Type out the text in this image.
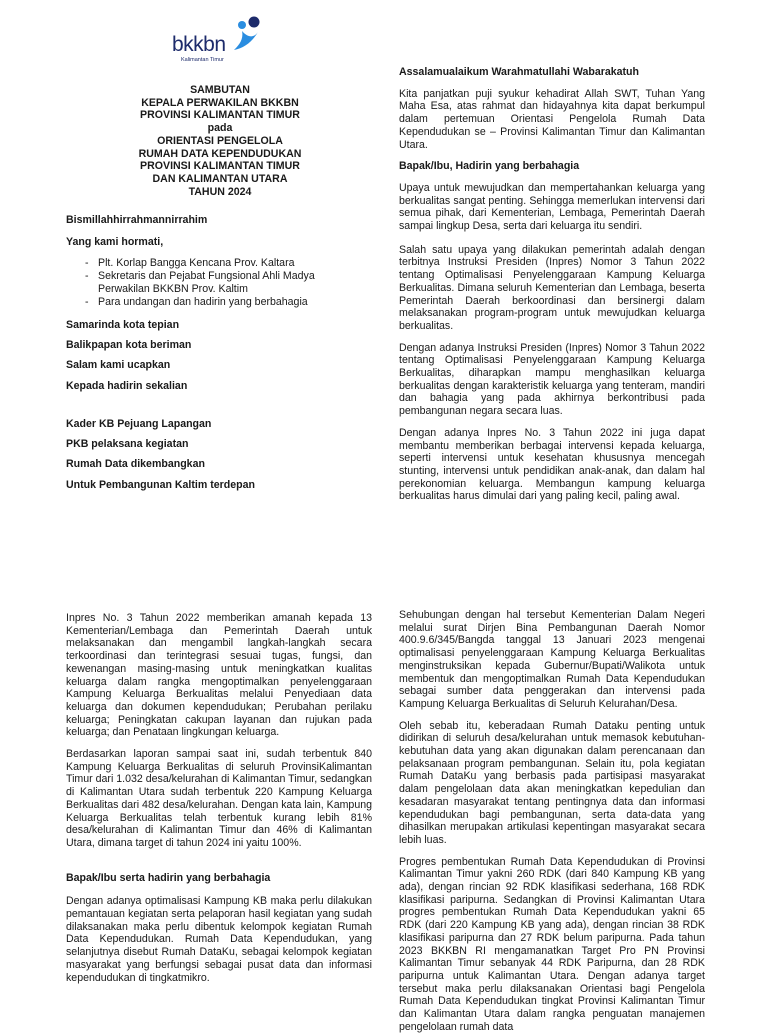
bkkbn
Kalimantan Timur
SAMBUTAN
KEPALA PERWAKILAN BKKBN
PROVINSI KALIMANTAN TIMUR
pada
ORIENTASI PENGELOLA
RUMAH DATA KEPENDUDUKAN
PROVINSI KALIMANTAN TIMUR
DAN KALIMANTAN UTARA
TAHUN 2024

Bismillahhirrahmannirrahim

Yang kami hormati,

- Plt. Korlap Bangga Kencana Prov. Kaltara
- Sekretaris dan Pejabat Fungsional Ahli Madya Perwakilan BKKBN Prov. Kaltim
- Para undangan dan hadirin yang berbahagia

Samarinda kota tepian

Balikpapan kota beriman

Salam kami ucapkan

Kepada hadirin sekalian

Kader KB Pejuang Lapangan

PKB pelaksana kegiatan

Rumah Data dikembangkan

Untuk Pembangunan Kaltim terdepan

Assalamualaikum Warahmatullahi Wabarakatuh

Kita panjatkan puji syukur kehadirat Allah SWT, Tuhan Yang Maha Esa, atas rahmat dan hidayahnya kita dapat berkumpul dalam pertemuan Orientasi Pengelola Rumah Data Kependudukan se – Provinsi Kalimantan Timur dan Kalimantan Utara.

Bapak/Ibu, Hadirin yang berbahagia

Upaya untuk mewujudkan dan mempertahankan keluarga yang berkualitas sangat penting. Sehingga memerlukan intervensi dari semua pihak, dari Kementerian, Lembaga, Pemerintah Daerah sampai lingkup Desa, serta dari keluarga itu sendiri.

Salah satu upaya yang dilakukan pemerintah adalah dengan terbitnya Instruksi Presiden (Inpres) Nomor 3 Tahun 2022 tentang Optimalisasi Penyelenggaraan Kampung Keluarga Berkualitas. Dimana seluruh Kementerian dan Lembaga, beserta Pemerintah Daerah berkoordinasi dan bersinergi dalam melaksanakan program-program untuk mewujudkan keluarga berkualitas.

Dengan adanya Instruksi Presiden (Inpres) Nomor 3 Tahun 2022 tentang Optimalisasi Penyelenggaraan Kampung Keluarga Berkualitas, diharapkan mampu menghasilkan keluarga berkualitas dengan karakteristik keluarga yang tenteram, mandiri dan bahagia yang pada akhirnya berkontribusi pada pembangunan negara secara luas.

Dengan adanya Inpres No. 3 Tahun 2022 ini juga dapat membantu memberikan berbagai intervensi kepada keluarga, seperti intervensi untuk kesehatan khususnya mencegah stunting, intervensi untuk pendidikan anak-anak, dan dalam hal perekonomian keluarga. Membangun kampung keluarga berkualitas harus dimulai dari yang paling kecil, paling awal.

Inpres No. 3 Tahun 2022 memberikan amanah kepada 13 Kementerian/Lembaga dan Pemerintah Daerah untuk melaksanakan dan mengambil langkah-langkah secara terkoordinasi dan terintegrasi sesuai tugas, fungsi, dan kewenangan masing-masing untuk meningkatkan kualitas keluarga dalam rangka mengoptimalkan penyelenggaraan Kampung Keluarga Berkualitas melalui Penyediaan data keluarga dan dokumen kependudukan; Perubahan perilaku keluarga; Peningkatan cakupan layanan dan rujukan pada keluarga; dan Penataan lingkungan keluarga.

Berdasarkan laporan sampai saat ini, sudah terbentuk 840 Kampung Keluarga Berkualitas di seluruh ProvinsiKalimantan Timur dari 1.032 desa/kelurahan di Kalimantan Timur, sedangkan di Kalimantan Utara sudah terbentuk 220 Kampung Keluarga Berkualitas dari 482 desa/kelurahan. Dengan kata lain, Kampung Keluarga Berkualitas telah terbentuk kurang lebih 81% desa/kelurahan di Kalimantan Timur dan 46% di Kalimantan Utara, dimana target di tahun 2024 ini yaitu 100%.

Bapak/Ibu serta hadirin yang berbahagia

Dengan adanya optimalisasi Kampung KB maka perlu dilakukan pemantauan kegiatan serta pelaporan hasil kegiatan yang sudah dilaksanakan maka perlu dibentuk kelompok kegiatan Rumah Data Kependudukan. Rumah Data Kependudukan, yang selanjutnya disebut Rumah DataKu, sebagai kelompok kegiatan masyarakat yang berfungsi sebagai pusat data dan informasi kependudukan di tingkatmikro.

Sehubungan dengan hal tersebut Kementerian Dalam Negeri melalui surat Dirjen Bina Pembangunan Daerah Nomor 400.9.6/345/Bangda tanggal 13 Januari 2023 mengenai optimalisasi penyelenggaraan Kampung Keluarga Berkualitas menginstruksikan kepada Gubernur/Bupati/Walikota untuk membentuk dan mengoptimalkan Rumah Data Kependudukan sebagai sumber data penggerakan dan intervensi pada Kampung Keluarga Berkualitas di Seluruh Kelurahan/Desa.

Oleh sebab itu, keberadaan Rumah Dataku penting untuk didirikan di seluruh desa/kelurahan untuk memasok kebutuhan-kebutuhan data yang akan digunakan dalam perencanaan dan pelaksanaan program pembangunan. Selain itu, pola kegiatan Rumah DataKu yang berbasis pada partisipasi masyarakat dalam pengelolaan data akan meningkatkan kepedulian dan kesadaran masyarakat tentang pentingnya data dan informasi kependudukan bagi pembangunan, serta data-data yang dihasilkan merupakan artikulasi kepentingan masyarakat secara lebih luas.

Progres pembentukan Rumah Data Kependudukan di Provinsi Kalimantan Timur yakni 260 RDK (dari 840 Kampung KB yang ada), dengan rincian 92 RDK klasifikasi sederhana, 168 RDK klasifikasi paripurna. Sedangkan di Provinsi Kalimantan Utara progres pembentukan Rumah Data Kependudukan yakni 65 RDK (dari 220 Kampung KB yang ada), dengan rincian 38 RDK klasifikasi paripurna dan 27 RDK belum paripurna. Pada tahun 2023 BKKBN RI mengamanatkan Target Pro PN Provinsi Kalimantan Timur sebanyak 44 RDK Paripurna, dan 28 RDK paripurna untuk Kalimantan Utara. Dengan adanya target tersebut maka perlu dilaksanakan Orientasi bagi Pengelola Rumah Data Kependudukan tingkat Provinsi Kalimantan Timur dan Kalimantan Utara dalam rangka penguatan manajemen pengelolaan rumah data
